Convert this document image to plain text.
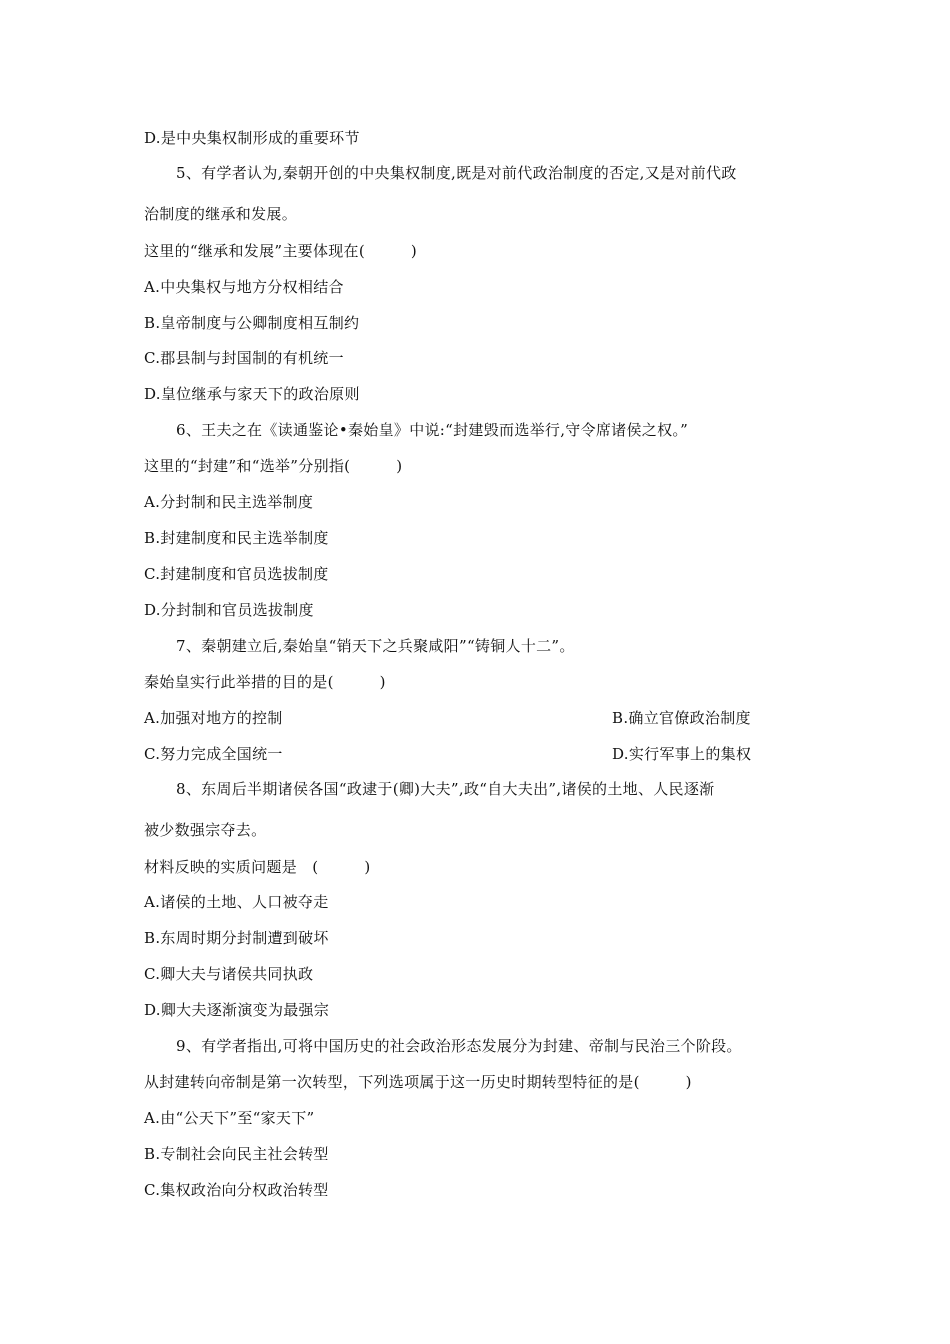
D.是中央集权制形成的重要环节
5、有学者认为,秦朝开创的中央集权制度,既是对前代政治制度的否定,又是对前代政
治制度的继承和发展。
这里的“继承和发展”主要体现在(　　　)
A.中央集权与地方分权相结合
B.皇帝制度与公卿制度相互制约
C.郡县制与封国制的有机统一
D.皇位继承与家天下的政治原则
6、王夫之在《读通鉴论•秦始皇》中说:“封建毁而选举行,守令席诸侯之权。”
这里的“封建”和“选举”分别指(　　　)
A.分封制和民主选举制度
B.封建制度和民主选举制度
C.封建制度和官员选拔制度
D.分封制和官员选拔制度
7、秦朝建立后,秦始皇“销天下之兵聚咸阳”“铸铜人十二”。
秦始皇实行此举措的目的是(　　　)
A.加强对地方的控制	B.确立官僚政治制度
C.努力完成全国统一	D.实行军事上的集权
8、东周后半期诸侯各国“政逮于(卿)大夫”,政“自大夫出”,诸侯的土地、人民逐渐
被少数强宗夺去。
材料反映的实质问题是　(　　　)
A.诸侯的土地、人口被夺走
B.东周时期分封制遭到破坏
C.卿大夫与诸侯共同执政
D.卿大夫逐渐演变为最强宗
9、有学者指出,可将中国历史的社会政治形态发展分为封建、帝制与民治三个阶段。
从封建转向帝制是第一次转型，下列选项属于这一历史时期转型特征的是(　　　)
A.由“公天下”至“家天下”
B.专制社会向民主社会转型
C.集权政治向分权政治转型
